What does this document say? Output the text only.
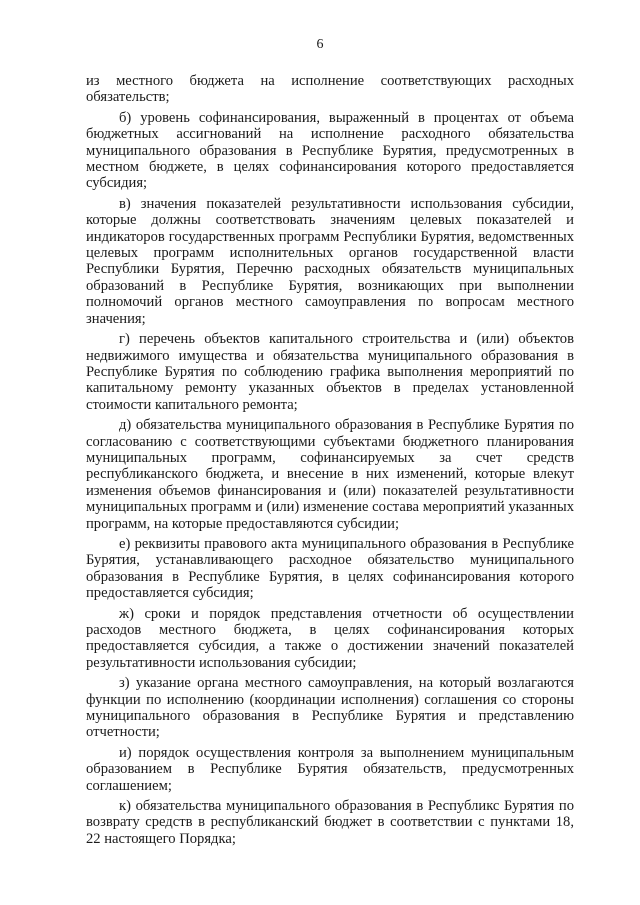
6

из местного бюджета на исполнение соответствующих расходных обязательств;

б) уровень софинансирования, выраженный в процентах от объема бюджетных ассигнований на исполнение расходного обязательства муниципального образования в Республике Бурятия, предусмотренных в местном бюджете, в целях софинансирования которого предоставляется субсидия;

в) значения показателей результативности использования субсидии, которые должны соответствовать значениям целевых показателей и индикаторов государственных программ Республики Бурятия, ведомственных целевых программ исполнительных органов государственной власти Республики Бурятия, Перечню расходных обязательств муниципальных образований в Республике Бурятия, возникающих при выполнении полномочий органов местного самоуправления по вопросам местного значения;

г) перечень объектов капитального строительства и (или) объектов недвижимого имущества и обязательства муниципального образования в Республике Бурятия по соблюдению графика выполнения мероприятий по капитальному ремонту указанных объектов в пределах установленной стоимости капитального ремонта;

д) обязательства муниципального образования в Республике Бурятия по согласованию с соответствующими субъектами бюджетного планирования муниципальных программ, софинансируемых за счет средств республиканского бюджета, и внесение в них изменений, которые влекут изменения объемов финансирования и (или) показателей результативности муниципальных программ и (или) изменение состава мероприятий указанных программ, на которые предоставляются субсидии;

е) реквизиты правового акта муниципального образования в Республике Бурятия, устанавливающего расходное обязательство муниципального образования в Республике Бурятия, в целях софинансирования которого предоставляется субсидия;

ж) сроки и порядок представления отчетности об осуществлении расходов местного бюджета, в целях софинансирования которых предоставляется субсидия, а также о достижении значений показателей результативности использования субсидии;

з) указание органа местного самоуправления, на который возлагаются функции по исполнению (координации исполнения) соглашения со стороны муниципального образования в Республике Бурятия и представлению отчетности;

и) порядок осуществления контроля за выполнением муниципальным образованием в Республике Бурятия обязательств, предусмотренных соглашением;

к) обязательства муниципального образования в Республикс Бурятия по возврату средств в республиканский бюджет в соответствии с пунктами 18, 22 настоящего Порядка;
